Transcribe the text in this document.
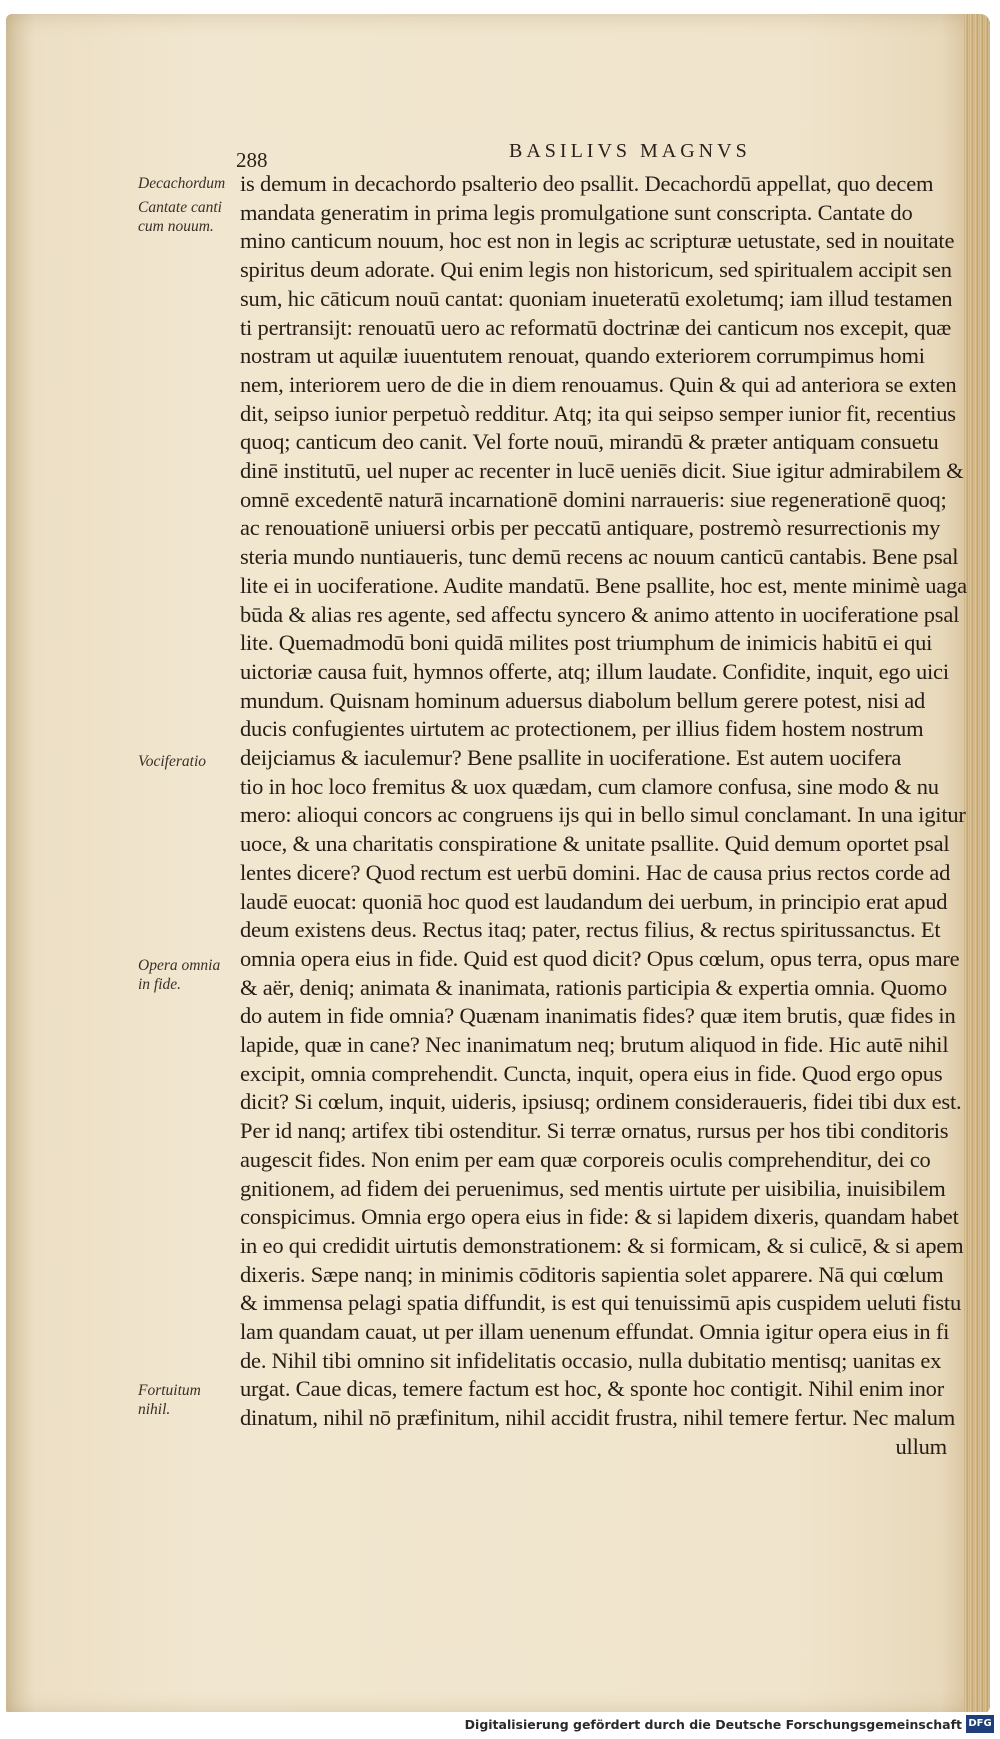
288	BASILIVS MAGNVS
Decachordum
Cantate canti cum nouum.
Vociferatio
Opera omnia in fide.
Fortuitum nihil.
is demum in decachordo psalterio deo psallit. Decachordū appellat, quo decem
mandata generatim in prima legis promulgatione sunt conscripta. Cantate do
mino canticum nouum, hoc est non in legis ac scripturæ uetustate, sed in nouitate
spiritus deum adorate. Qui enim legis non historicum, sed spiritualem accipit sen
sum, hic cāticum nouū cantat: quoniam inueteratū exoletumq; iam illud testamen
ti pertransijt: renouatū uero ac reformatū doctrinæ dei canticum nos excepit, quæ
nostram ut aquilæ iuuentutem renouat, quando exteriorem corrumpimus homi
nem, interiorem uero de die in diem renouamus. Quin & qui ad anteriora se exten
dit, seipso iunior perpetuò redditur. Atq; ita qui seipso semper iunior fit, recentius
quoq; canticum deo canit. Vel forte nouū, mirandū & præter antiquam consuetu
dinē institutū, uel nuper ac recenter in lucē ueniēs dicit. Siue igitur admirabilem &
omnē excedentē naturā incarnationē domini narraueris: siue regenerationē quoq;
ac renouationē uniuersi orbis per peccatū antiquare, postremò resurrectionis my
steria mundo nuntiaueris, tunc demū recens ac nouum canticū cantabis. Bene psal
lite ei in uociferatione. Audite mandatū. Bene psallite, hoc est, mente minimè uaga
būda & alias res agente, sed affectu syncero & animo attento in uociferatione psal
lite. Quemadmodū boni quidā milites post triumphum de inimicis habitū ei qui
uictoriæ causa fuit, hymnos offerte, atq; illum laudate. Confidite, inquit, ego uici
mundum. Quisnam hominum aduersus diabolum bellum gerere potest, nisi ad
ducis confugientes uirtutem ac protectionem, per illius fidem hostem nostrum
deijciamus & iaculemur? Bene psallite in uociferatione. Est autem uocifera
tio in hoc loco fremitus & uox quædam, cum clamore confusa, sine modo & nu
mero: alioqui concors ac congruens ijs qui in bello simul conclamant. In una igitur
uoce, & una charitatis conspiratione & unitate psallite. Quid demum oportet psal
lentes dicere? Quod rectum est uerbū domini. Hac de causa prius rectos corde ad
laudē euocat: quoniā hoc quod est laudandum dei uerbum, in principio erat apud
deum existens deus. Rectus itaq; pater, rectus filius, & rectus spiritussanctus. Et
omnia opera eius in fide. Quid est quod dicit? Opus cœlum, opus terra, opus mare
& aër, deniq; animata & inanimata, rationis participia & expertia omnia. Quomo
do autem in fide omnia? Quænam inanimatis fides? quæ item brutis, quæ fides in
lapide, quæ in cane? Nec inanimatum neq; brutum aliquod in fide. Hic autē nihil
excipit, omnia comprehendit. Cuncta, inquit, opera eius in fide. Quod ergo opus
dicit? Si cœlum, inquit, uideris, ipsiusq; ordinem consideraueris, fidei tibi dux est.
Per id nanq; artifex tibi ostenditur. Si terræ ornatus, rursus per hos tibi conditoris
augescit fides. Non enim per eam quæ corporeis oculis comprehenditur, dei co
gnitionem, ad fidem dei peruenimus, sed mentis uirtute per uisibilia, inuisibilem
conspicimus. Omnia ergo opera eius in fide: & si lapidem dixeris, quandam habet
in eo qui credidit uirtutis demonstrationem: & si formicam, & si culicē, & si apem
dixeris. Sæpe nanq; in minimis cōditoris sapientia solet apparere. Nā qui cœlum
& immensa pelagi spatia diffundit, is est qui tenuissimū apis cuspidem ueluti fistu
lam quandam cauat, ut per illam uenenum effundat. Omnia igitur opera eius in fi
de. Nihil tibi omnino sit infidelitatis occasio, nulla dubitatio mentisq; uanitas ex
urgat. Caue dicas, temere factum est hoc, & sponte hoc contigit. Nihil enim inor
dinatum, nihil nō præfinitum, nihil accidit frustra, nihil temere fertur. Nec malum
ullum
Digitalisierung gefördert durch die Deutsche Forschungsgemeinschaft DFG
